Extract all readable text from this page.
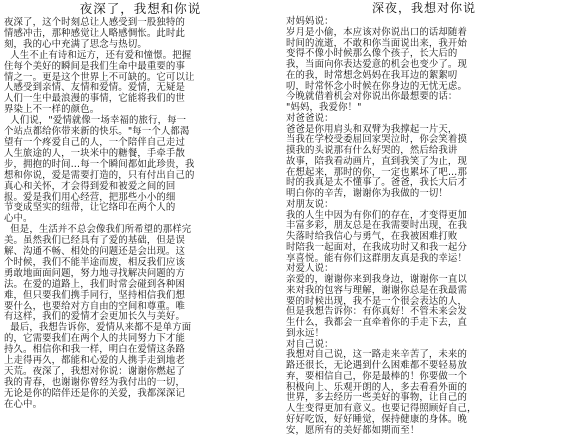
夜深了，我想和你说

夜深了，这个时刻总让人感受到一股独特的
情感冲击，那种感觉让人略感惆怅。此时此
刻，我的心中充满了思念与热切。
人生不止有诗和远方，还有爱和憧憬。把握
住每个美好的瞬间是我们生命中最重要的事
情之一。更是这个世界上不可缺的。它可以让
人感受到亲情、友情和爱情。爱情，无疑是
人们一生中最浪漫的事情，它能将我们的世
界染上不一样的颜色。
人们说，"爱情就像一场幸福的旅行，每一
个站点都给你带来新的快乐。"每一个人都渴
望有一个疼爱自己的人，一个陪伴自己走过
人生旅途的人，一块米中的糖餐，手牵手散
步，拥抱的时间…每一个瞬间都如此珍贵，我
想和你说，爱是需要打造的，只有付出自己的
真心和关怀，才会得到爱和被爱之间的回
报。爱是我们用心经营，把那些小小的细
节变成坚实的纽带，让它络印在两个人的
心中。
但是，生活并不总会像我们所希望的那样完
美。虽然我们已经具有了爱的基础，但是误
解、沟通不畅、相处的问题还是会出现。这
个时候，我们不能半途而废，相反我们应该
勇敢地面面问题，努力地寻找解决问题的方
法。在爱的道路上，我们时常会碰到各种困
难，但只要我们携手同行，坚持相信我们想
要什么，也要给对方自由的空间和尊重。唯
有这样，我们的爱情才会更加长久与美好。
最后，我想告诉你，爱情从来都不是单方面
的，它需要我们在两个人的共同努力下才能
持久。相信你和我一样，明白在爱情这条路
上走得再久，都能和心爱的人携手走到地老
天荒。夜深了，我想对你说：谢谢你燃起了
我的青春，也谢谢你曾经为我付出的一切，
无论是你的陪伴还是你的关爱，我都深深记
在心中。

深夜，我想对你说

对妈妈说：
岁月是小偷，本应该对你说出口的话却随着
时间的流逝，不敢和你当面说出来，我开始
变得不像小时候那么像个孩子，长大后的
我，当面向你表达爱意的机会也变少了。现
在的我，时常想念妈妈在我耳边的絮絮叨
叨，时常怀念小时候在你身边的无忧无虑。
今晚就借着机会对你说出你最想要的话：
"妈妈，我爱你！"
对爸爸说：
爸爸是你用肩头和双臂为我撑起一片天，
当我在学校受委屈回家哭泣时，你会笑着摸
摸我的头说那有什么好哭的，然后给我讲
故事，陪我看动画片，直到我笑了为止，现
在想起来，那时的你，一定也累坏了吧…那
时的我真是太不懂事了。爸爸，我长大后才
明白你的辛苦，谢谢你为我做的一切！
对朋友说：
我的人生中因为有你们的存在，才变得更加
丰富多彩，朋友总是在我需要时出现，在我
失落时给我信心与勇气，在我被困难打败
时陪我一起面对，在我成功时又和我一起分
享喜悦。能有你们这群朋友真是我的幸运！
对爱人说：
亲爱的，谢谢你来到我身边，谢谢你一直以
来对我的包容与理解，谢谢你总是在我最需
要的时候出现，我不是一个很会表达的人，
但是我想告诉你：有你真好！不管未来会发
生什么，我都会一直牵着你的手走下去，直
到永远！
对自己说：
我想对自己说，这一路走来辛苦了，未来的
路还很长，无论遇到什么困难都不要轻易放
弃，要相信自己，你是最棒的！你要做一个
积极向上、乐观开朗的人，多去看看外面的
世界，多去经历一些美好的事物，让自己的
人生变得更加有意义。也要记得照顾好自己，
好好吃饭，好好睡觉，保持健康的身体。晚
安，愿所有的美好都如期而至！
